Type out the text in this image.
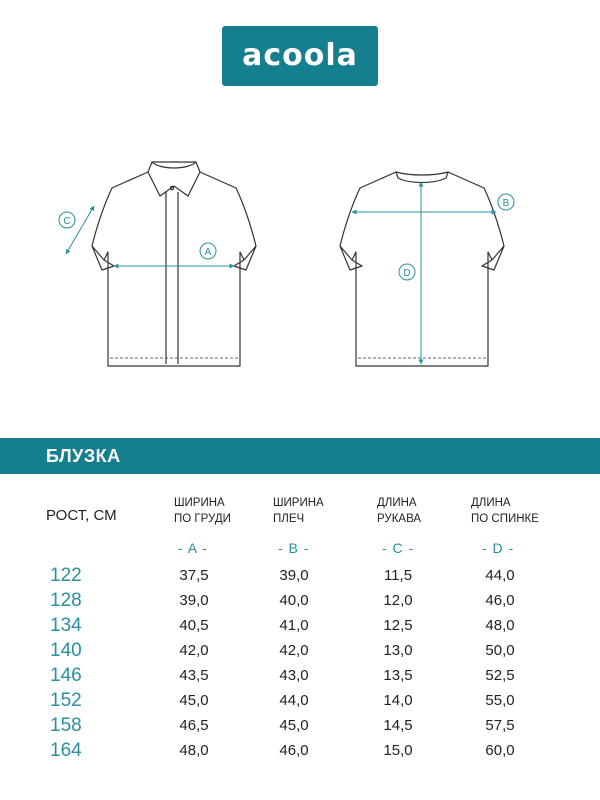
acoola
A
C
B
D
БЛУЗКА
РОСТ, СМ
ШИРИНА
ПО ГРУДИ
ШИРИНА
ПЛЕЧ
ДЛИНА
РУКАВА
ДЛИНА
ПО СПИНКЕ
- A -	- B -	- C -	- D -
122	37,5	39,0	11,5	44,0
128	39,0	40,0	12,0	46,0
134	40,5	41,0	12,5	48,0
140	42,0	42,0	13,0	50,0
146	43,5	43,0	13,5	52,5
152	45,0	44,0	14,0	55,0
158	46,5	45,0	14,5	57,5
164	48,0	46,0	15,0	60,0
